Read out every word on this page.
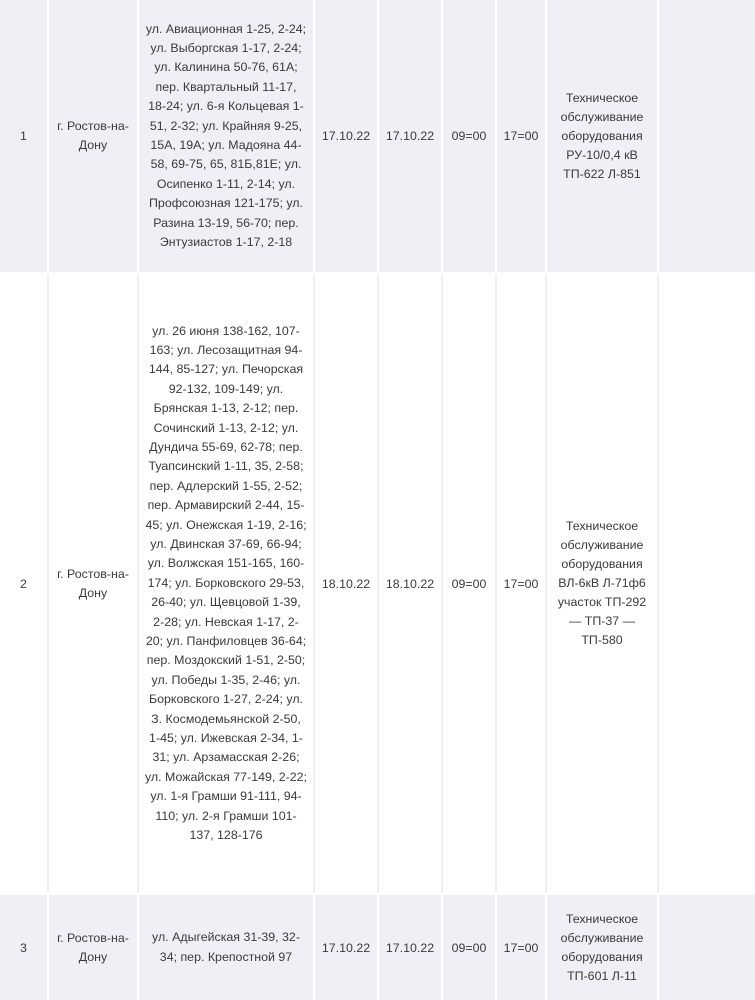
1
г. Ростов-на-Дону
ул. Авиационная 1-25, 2-24; ул. Выборгская 1-17, 2-24; ул. Калинина 50-76, 61А; пер. Квартальный 11-17, 18-24; ул. 6-я Кольцевая 1-51, 2-32; ул. Крайняя 9-25, 15А, 19А; ул. Мадояна 44-58, 69-75, 65, 81Б,81Е; ул. Осипенко 1-11, 2-14; ул. Профсоюзная 121-175; ул. Разина 13-19, 56-70; пер. Энтузиастов 1-17, 2-18
17.10.22	17.10.22	09=00	17=00
Техническое обслуживание оборудования РУ-10/0,4 кВ ТП-622 Л-851
2
г. Ростов-на-Дону
ул. 26 июня 138-162, 107-163; ул. Лесозащитная 94-144, 85-127; ул. Печорская 92-132, 109-149; ул. Брянская 1-13, 2-12; пер. Сочинский 1-13, 2-12; ул. Дундича 55-69, 62-78; пер. Туапсинский 1-11, 35, 2-58; пер. Адлерский 1-55, 2-52; пер. Армавирский 2-44, 15-45; ул. Онежская 1-19, 2-16; ул. Двинская 37-69, 66-94; ул. Волжская 151-165, 160-174; ул. Борковского 29-53, 26-40; ул. Щевцовой 1-39, 2-28; ул. Невская 1-17, 2-20; ул. Панфиловцев 36-64; пер. Моздокский 1-51, 2-50; ул. Победы 1-35, 2-46; ул. Борковского 1-27, 2-24; ул. З. Космодемьянской 2-50, 1-45; ул. Ижевская 2-34, 1-31; ул. Арзамасская 2-26; ул. Можайская 77-149, 2-22; ул. 1-я Грамши 91-111, 94-110; ул. 2-я Грамши 101-137, 128-176
18.10.22	18.10.22	09=00	17=00
Техническое обслуживание оборудования ВЛ-6кВ Л-71ф6 участок ТП-292 — ТП-37 — ТП-580
3
г. Ростов-на-Дону
ул. Адыгейская 31-39, 32-34; пер. Крепостной 97
17.10.22	17.10.22	09=00	17=00
Техническое обслуживание оборудования ТП-601 Л-11
